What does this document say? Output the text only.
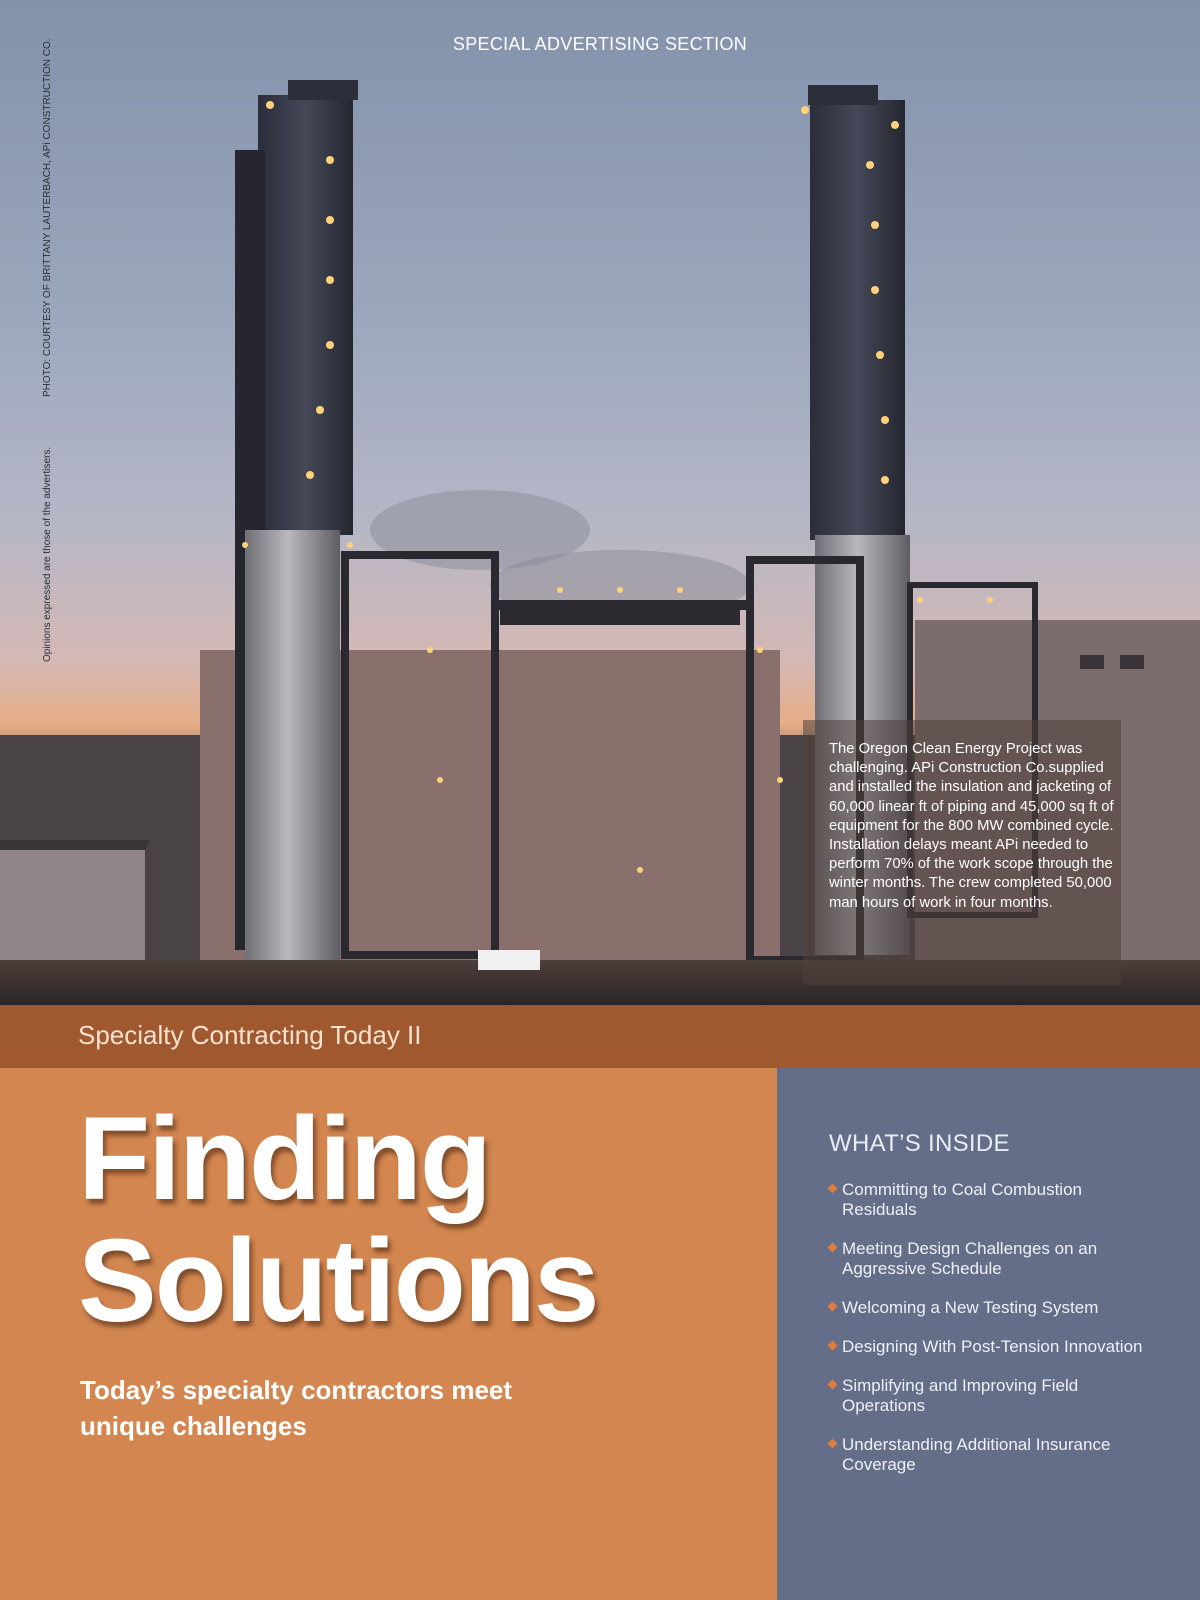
SPECIAL ADVERTISING SECTION
PHOTO: COURTESY OF BRITTANY LAUTERBACH, APi CONSTRUCTION CO.
Opinions expressed are those of the advertisers.
The Oregon Clean Energy Project was challenging. APi Construction Co.supplied and installed the insulation and jacketing of 60,000 linear ft of piping and 45,000 sq ft of equipment for the 800 MW combined cycle. Installation delays meant APi needed to perform 70% of the work scope through the winter months. The crew completed 50,000 man hours of work in four months.
Specialty Contracting Today II
Finding
Solutions
Today’s specialty contractors meet unique challenges
WHAT’S INSIDE
Committing to Coal Combustion Residuals
Meeting Design Challenges on an Aggressive Schedule
Welcoming a New Testing System
Designing With Post-Tension Innovation
Simplifying and Improving Field Operations
Understanding Additional Insurance Coverage
